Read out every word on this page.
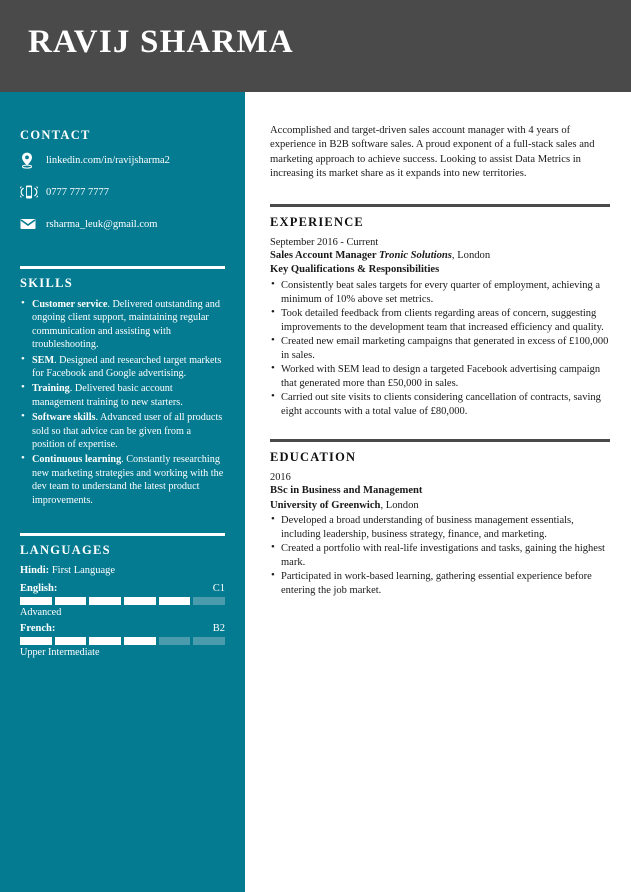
RAVIJ SHARMA
CONTACT
linkedin.com/in/ravijsharma2
0777 777 7777
rsharma_leuk@gmail.com
SKILLS
• Customer service. Delivered outstanding and ongoing client support, maintaining regular communication and assisting with troubleshooting.
• SEM. Designed and researched target markets for Facebook and Google advertising.
• Training. Delivered basic account management training to new starters.
• Software skills. Advanced user of all products sold so that advice can be given from a position of expertise.
• Continuous learning. Constantly researching new marketing strategies and working with the dev team to understand the latest product improvements.
LANGUAGES
Hindi: First Language
English:	C1
Advanced
French:	B2
Upper Intermediate
Accomplished and target-driven sales account manager with 4 years of experience in B2B software sales. A proud exponent of a full-stack sales and marketing approach to achieve success. Looking to assist Data Metrics in increasing its market share as it expands into new territories.
EXPERIENCE
September 2016 - Current
Sales Account Manager Tronic Solutions, London
Key Qualifications & Responsibilities
• Consistently beat sales targets for every quarter of employment, achieving a minimum of 10% above set metrics.
• Took detailed feedback from clients regarding areas of concern, suggesting improvements to the development team that increased efficiency and quality.
• Created new email marketing campaigns that generated in excess of £100,000 in sales.
• Worked with SEM lead to design a targeted Facebook advertising campaign that generated more than £50,000 in sales.
• Carried out site visits to clients considering cancellation of contracts, saving eight accounts with a total value of £80,000.
EDUCATION
2016
BSc in Business and Management
University of Greenwich, London
• Developed a broad understanding of business management essentials, including leadership, business strategy, finance, and marketing.
• Created a portfolio with real-life investigations and tasks, gaining the highest mark.
• Participated in work-based learning, gathering essential experience before entering the job market.
